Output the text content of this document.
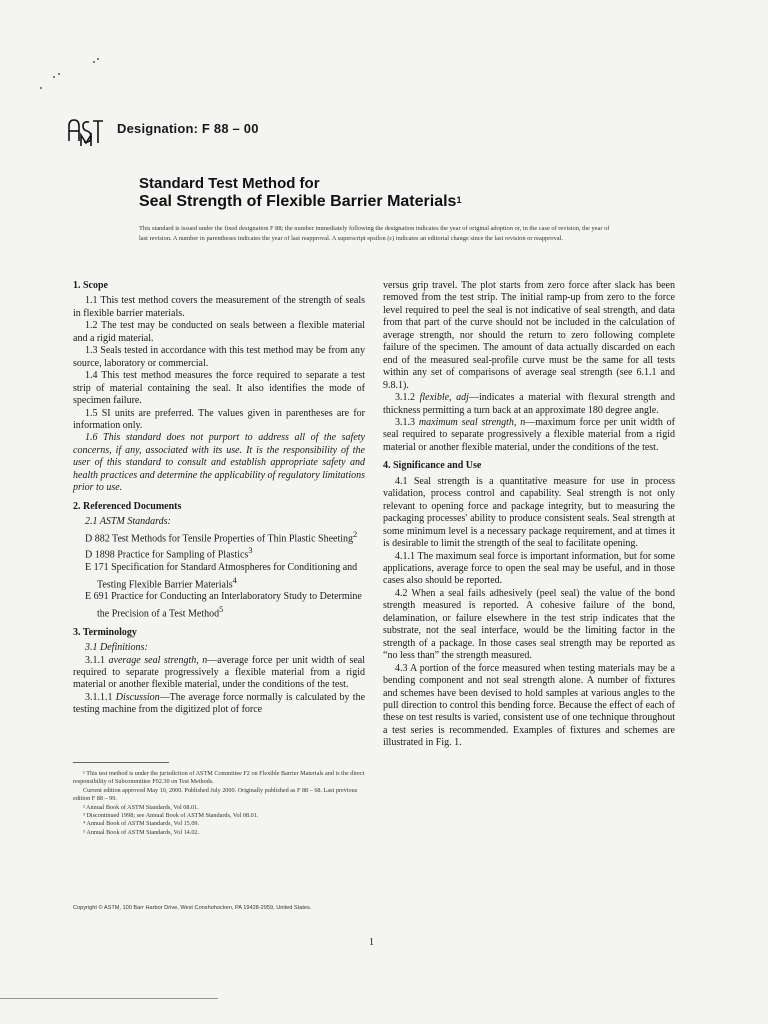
Designation: F 88 – 00
Standard Test Method for
Seal Strength of Flexible Barrier Materials$^1$
This standard is issued under the fixed designation F 88; the number immediately following the designation indicates the year of original adoption or, in the case of revision, the year of last revision. A number in parentheses indicates the year of last reapproval. A superscript epsilon (ε) indicates an editorial change since the last revision or reapproval.
1. Scope

1.1 This test method covers the measurement of the strength of seals in flexible barrier materials.

1.2 The test may be conducted on seals between a flexible material and a rigid material.

1.3 Seals tested in accordance with this test method may be from any source, laboratory or commercial.

1.4 This test method measures the force required to separate a test strip of material containing the seal. It also identifies the mode of specimen failure.

1.5 SI units are preferred. The values given in parentheses are for information only.

1.6 This standard does not purport to address all of the safety concerns, if any, associated with its use. It is the responsibility of the user of this standard to consult and establish appropriate safety and health practices and determine the applicability of regulatory limitations prior to use.

2. Referenced Documents

2.1 ASTM Standards:

D 882 Test Methods for Tensile Properties of Thin Plastic Sheeting$^2$

D 1898 Practice for Sampling of Plastics$^3$

E 171 Specification for Standard Atmospheres for Conditioning and Testing Flexible Barrier Materials$^4$

E 691 Practice for Conducting an Interlaboratory Study to Determine the Precision of a Test Method$^5$

3. Terminology

3.1 Definitions:

3.1.1 average seal strength, n—average force per unit width of seal required to separate progressively a flexible material from a rigid material or another flexible material, under the conditions of the test.

3.1.1.1 Discussion—The average force normally is calculated by the testing machine from the digitized plot of force

¹ This test method is under the jurisdiction of ASTM Committee F2 on Flexible Barrier Materials and is the direct responsibility of Subcommittee F02.30 on Test Methods.

Current edition approved May 10, 2000. Published July 2000. Originally published as F 88 – 68. Last previous edition F 88 – 99.

² Annual Book of ASTM Standards, Vol 08.01.

³ Discontinued 1998; see Annual Book of ASTM Standards, Vol 08.01.

⁴ Annual Book of ASTM Standards, Vol 15.09.

⁵ Annual Book of ASTM Standards, Vol 14.02.

versus grip travel. The plot starts from zero force after slack has been removed from the test strip. The initial ramp-up from zero to the force level required to peel the seal is not indicative of seal strength, and data from that part of the curve should not be included in the calculation of average strength, nor should the return to zero following complete failure of the specimen. The amount of data actually discarded on each end of the measured seal-profile curve must be the same for all tests within any set of comparisons of average seal strength (see 6.1.1 and 9.8.1).

3.1.2 flexible, adj—indicates a material with flexural strength and thickness permitting a turn back at an approximate 180 degree angle.

3.1.3 maximum seal strength, n—maximum force per unit width of seal required to separate progressively a flexible material from a rigid material or another flexible material, under the conditions of the test.

4. Significance and Use

4.1 Seal strength is a quantitative measure for use in process validation, process control and capability. Seal strength is not only relevant to opening force and package integrity, but to measuring the packaging processes' ability to produce consistent seals. Seal strength at some minimum level is a necessary package requirement, and at times it is desirable to limit the strength of the seal to facilitate opening.

4.1.1 The maximum seal force is important information, but for some applications, average force to open the seal may be useful, and in those cases also should be reported.

4.2 When a seal fails adhesively (peel seal) the value of the bond strength measured is reported. A cohesive failure of the bond, delamination, or failure elsewhere in the test strip indicates that the substrate, not the seal interface, would be the limiting factor in the strength of a package. In those cases seal strength may be reported as “no less than” the strength measured.

4.3 A portion of the force measured when testing materials may be a bending component and not seal strength alone. A number of fixtures and schemes have been devised to hold samples at various angles to the pull direction to control this bending force. Because the effect of each of these on test results is varied, consistent use of one technique throughout a test series is recommended. Examples of fixtures and schemes are illustrated in Fig. 1.

Copyright © ASTM, 100 Barr Harbor Drive, West Conshohocken, PA 19428-2959, United States.
1
